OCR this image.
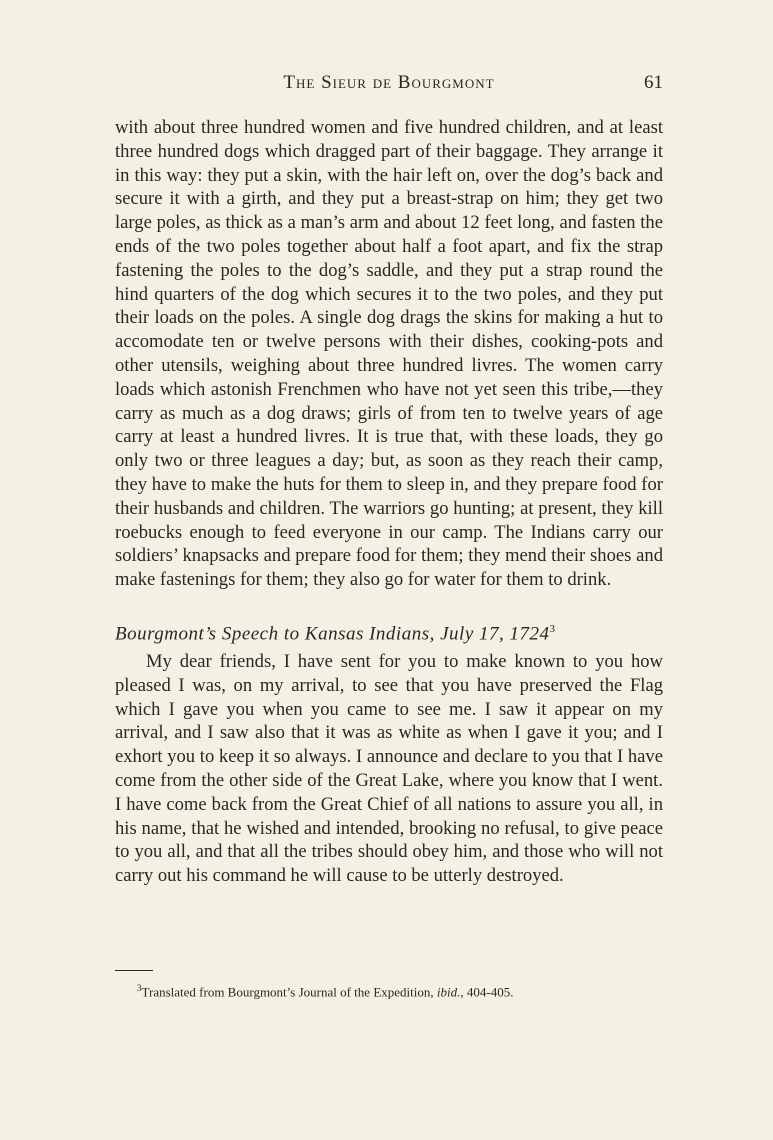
The Sieur de Bourgmont	61

with about three hundred women and five hundred children, and at least three hundred dogs which dragged part of their baggage. They arrange it in this way: they put a skin, with the hair left on, over the dog’s back and secure it with a girth, and they put a breast-strap on him; they get two large poles, as thick as a man’s arm and about 12 feet long, and fasten the ends of the two poles together about half a foot apart, and fix the strap fastening the poles to the dog’s saddle, and they put a strap round the hind quarters of the dog which secures it to the two poles, and they put their loads on the poles. A single dog drags the skins for making a hut to accomodate ten or twelve persons with their dishes, cooking-pots and other utensils, weighing about three hundred livres. The women carry loads which astonish Frenchmen who have not yet seen this tribe,—they carry as much as a dog draws; girls of from ten to twelve years of age carry at least a hundred livres. It is true that, with these loads, they go only two or three leagues a day; but, as soon as they reach their camp, they have to make the huts for them to sleep in, and they prepare food for their husbands and children. The warriors go hunting; at present, they kill roebucks enough to feed everyone in our camp. The Indians carry our soldiers’ knapsacks and prepare food for them; they mend their shoes and make fastenings for them; they also go for water for them to drink.

Bourgmont’s Speech to Kansas Indians, July 17, 1724$^3$

My dear friends, I have sent for you to make known to you how pleased I was, on my arrival, to see that you have preserved the Flag which I gave you when you came to see me. I saw it appear on my arrival, and I saw also that it was as white as when I gave it you; and I exhort you to keep it so always. I announce and declare to you that I have come from the other side of the Great Lake, where you know that I went. I have come back from the Great Chief of all nations to assure you all, in his name, that he wished and intended, brooking no refusal, to give peace to you all, and that all the tribes should obey him, and those who will not carry out his command he will cause to be utterly destroyed.

$^3$Translated from Bourgmont’s Journal of the Expedition, ibid., 404-405.
